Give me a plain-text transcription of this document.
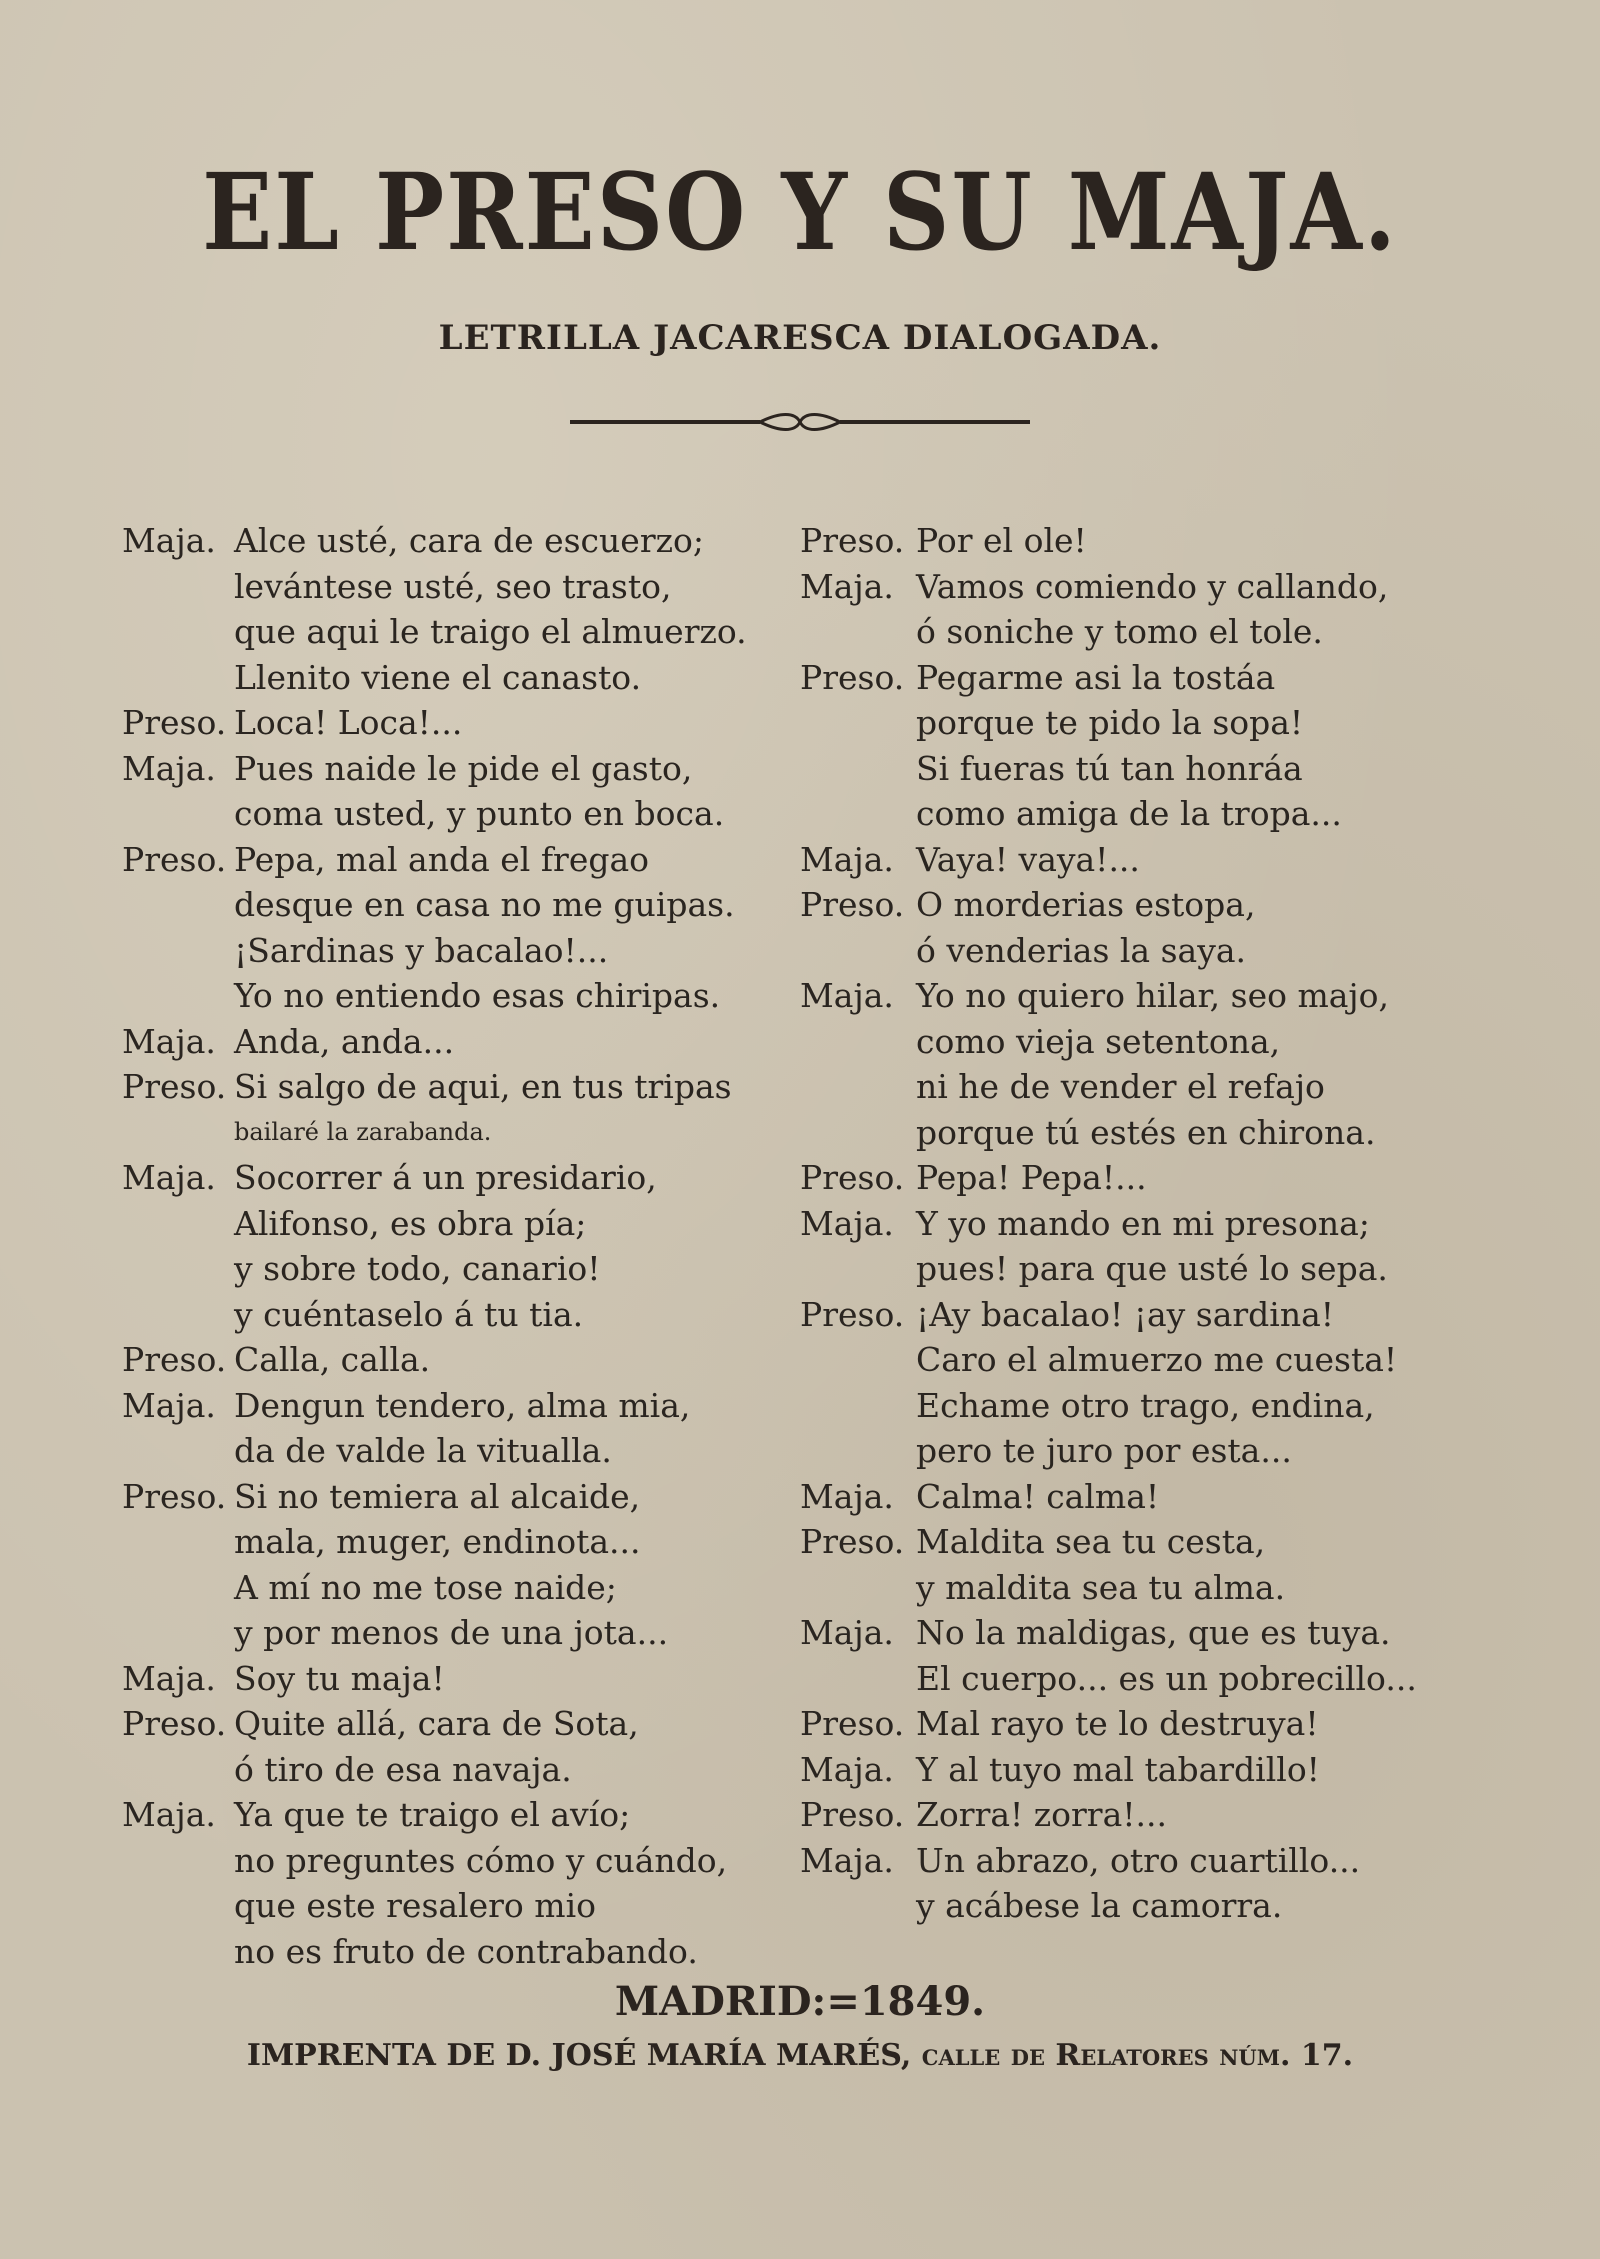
EL PRESO Y SU MAJA.
LETRILLA JACARESCA DIALOGADA.
Maja. Alce usté, cara de escuerzo;
levántese usté, seo trasto,
que aqui le traigo el almuerzo.
Llenito viene el canasto.
Preso. Loca! Loca!...
Maja. Pues naide le pide el gasto,
coma usted, y punto en boca.
Preso. Pepa, mal anda el fregao
desque en casa no me guipas.
¡Sardinas y bacalao!...
Yo no entiendo esas chiripas.
Maja. Anda, anda...
Preso. Si salgo de aqui, en tus tripas
bailaré la zarabanda.
Maja. Socorrer á un presidario,
Alifonso, es obra pía;
y sobre todo, canario!
y cuéntaselo á tu tia.
Preso. Calla, calla.
Maja. Dengun tendero, alma mia,
da de valde la vitualla.
Preso. Si no temiera al alcaide,
mala, muger, endinota...
A mí no me tose naide;
y por menos de una jota...
Maja. Soy tu maja!
Preso. Quite allá, cara de Sota,
ó tiro de esa navaja.
Maja. Ya que te traigo el avío;
no preguntes cómo y cuándo,
que este resalero mio
no es fruto de contrabando.
Preso. Por el ole!
Maja. Vamos comiendo y callando,
ó soniche y tomo el tole.
Preso. Pegarme asi la tostáa
porque te pido la sopa!
Si fueras tú tan honráa
como amiga de la tropa...
Maja. Vaya! vaya!...
Preso. O morderias estopa,
ó venderias la saya.
Maja. Yo no quiero hilar, seo majo,
como vieja setentona,
ni he de vender el refajo
porque tú estés en chirona.
Preso. Pepa! Pepa!...
Maja. Y yo mando en mi presona;
pues! para que usté lo sepa.
Preso. ¡Ay bacalao! ¡ay sardina!
Caro el almuerzo me cuesta!
Echame otro trago, endina,
pero te juro por esta...
Maja. Calma! calma!
Preso. Maldita sea tu cesta,
y maldita sea tu alma.
Maja. No la maldigas, que es tuya.
El cuerpo... es un pobrecillo...
Preso. Mal rayo te lo destruya!
Maja. Y al tuyo mal tabardillo!
Preso. Zorra! zorra!...
Maja. Un abrazo, otro cuartillo...
y acábese la camorra.
MADRID:=1849.
IMPRENTA DE D. JOSÉ MARÍA MARÉS, calle de Relatores núm. 17.
